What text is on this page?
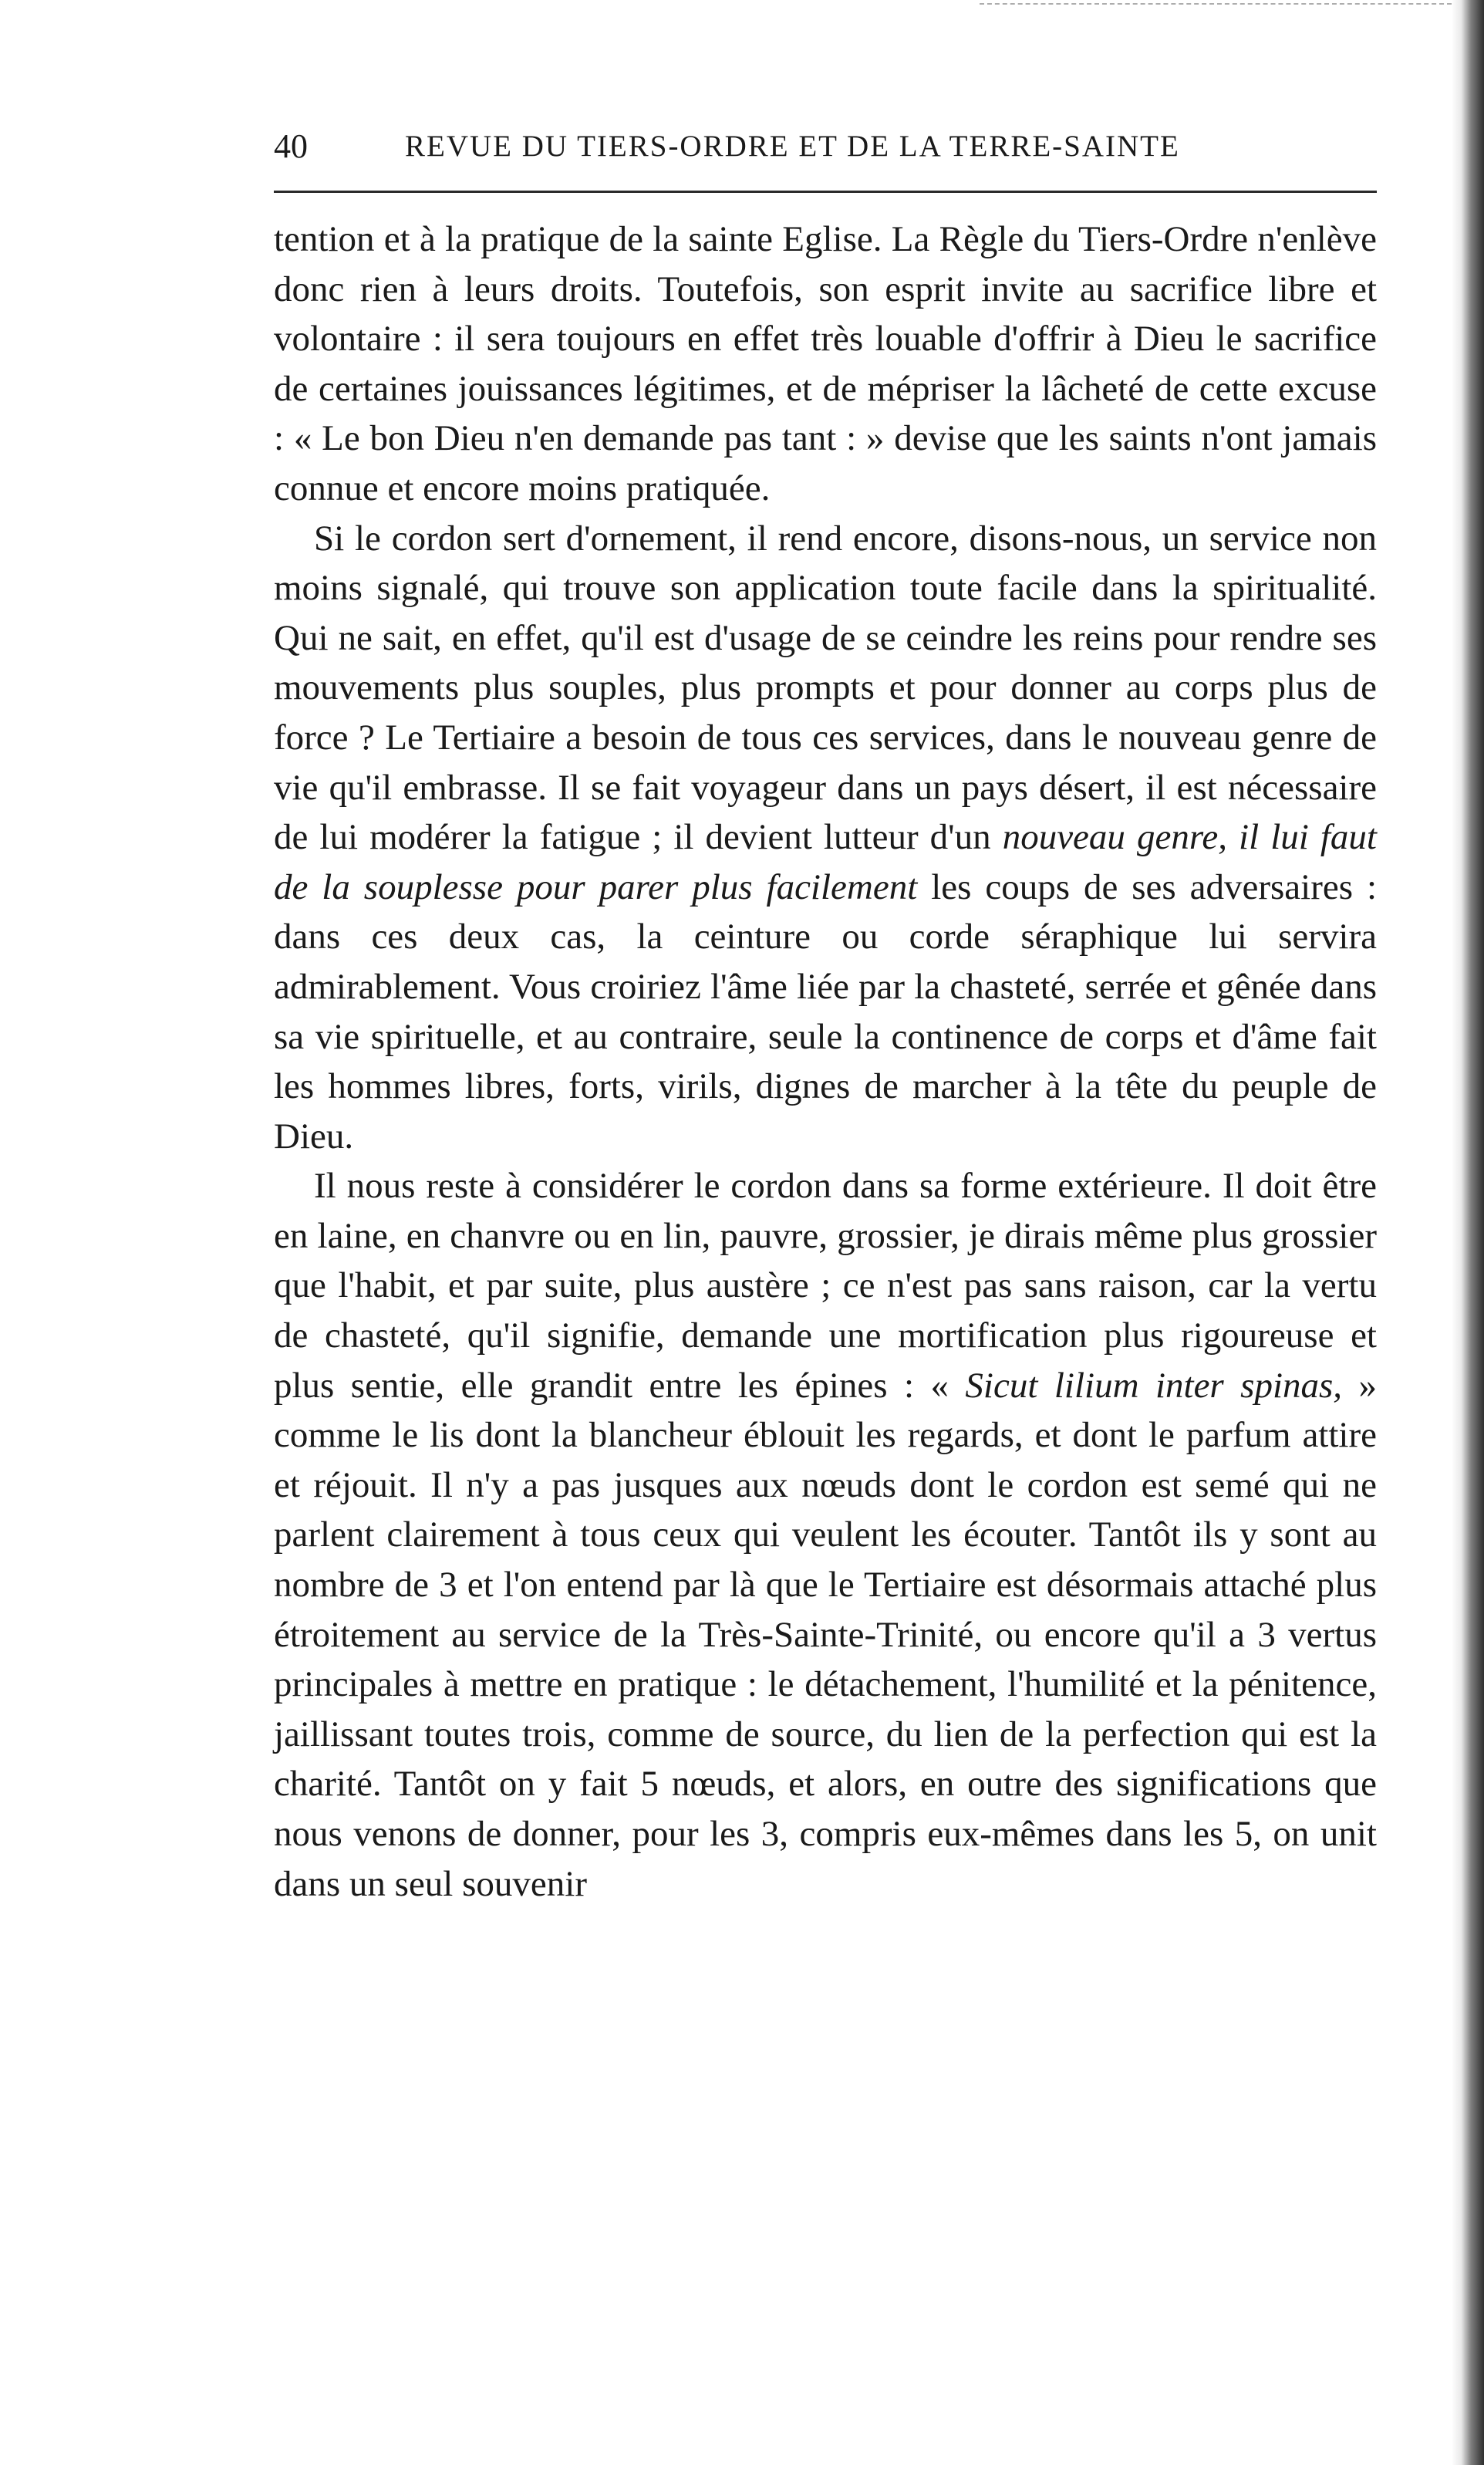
40	REVUE DU TIERS-ORDRE ET DE LA TERRE-SAINTE

tention et à la pratique de la sainte Eglise. La Règle du Tiers-Ordre n'enlève donc rien à leurs droits. Toutefois, son esprit invite au sacrifice libre et volontaire : il sera toujours en effet très louable d'offrir à Dieu le sacrifice de certaines jouissances légitimes, et de mépriser la lâcheté de cette excuse : « Le bon Dieu n'en demande pas tant : » devise que les saints n'ont jamais connue et encore moins pratiquée.

Si le cordon sert d'ornement, il rend encore, disons-nous, un service non moins signalé, qui trouve son application toute facile dans la spiritualité. Qui ne sait, en effet, qu'il est d'usage de se ceindre les reins pour rendre ses mouvements plus souples, plus prompts et pour donner au corps plus de force ? Le Tertiaire a besoin de tous ces services, dans le nouveau genre de vie qu'il embrasse. Il se fait voyageur dans un pays désert, il est nécessaire de lui modérer la fatigue ; il devient lutteur d'un nouveau genre, il lui faut de la souplesse pour parer plus facilement les coups de ses adversaires : dans ces deux cas, la ceinture ou corde séraphique lui servira admirablement. Vous croiriez l'âme liée par la chasteté, serrée et gênée dans sa vie spirituelle, et au contraire, seule la continence de corps et d'âme fait les hommes libres, forts, virils, dignes de marcher à la tête du peuple de Dieu.

Il nous reste à considérer le cordon dans sa forme extérieure. Il doit être en laine, en chanvre ou en lin, pauvre, grossier, je dirais même plus grossier que l'habit, et par suite, plus austère ; ce n'est pas sans raison, car la vertu de chasteté, qu'il signifie, demande une mortification plus rigoureuse et plus sentie, elle grandit entre les épines : « Sicut lilium inter spinas, » comme le lis dont la blancheur éblouit les regards, et dont le parfum attire et réjouit. Il n'y a pas jusques aux nœuds dont le cordon est semé qui ne parlent clairement à tous ceux qui veulent les écouter. Tantôt ils y sont au nombre de 3 et l'on entend par là que le Tertiaire est désormais attaché plus étroitement au service de la Très-Sainte-Trinité, ou encore qu'il a 3 vertus principales à mettre en pratique : le détachement, l'humilité et la pénitence, jaillissant toutes trois, comme de source, du lien de la perfection qui est la charité. Tantôt on y fait 5 nœuds, et alors, en outre des significations que nous venons de donner, pour les 3, compris eux-mêmes dans les 5, on unit dans un seul souvenir
